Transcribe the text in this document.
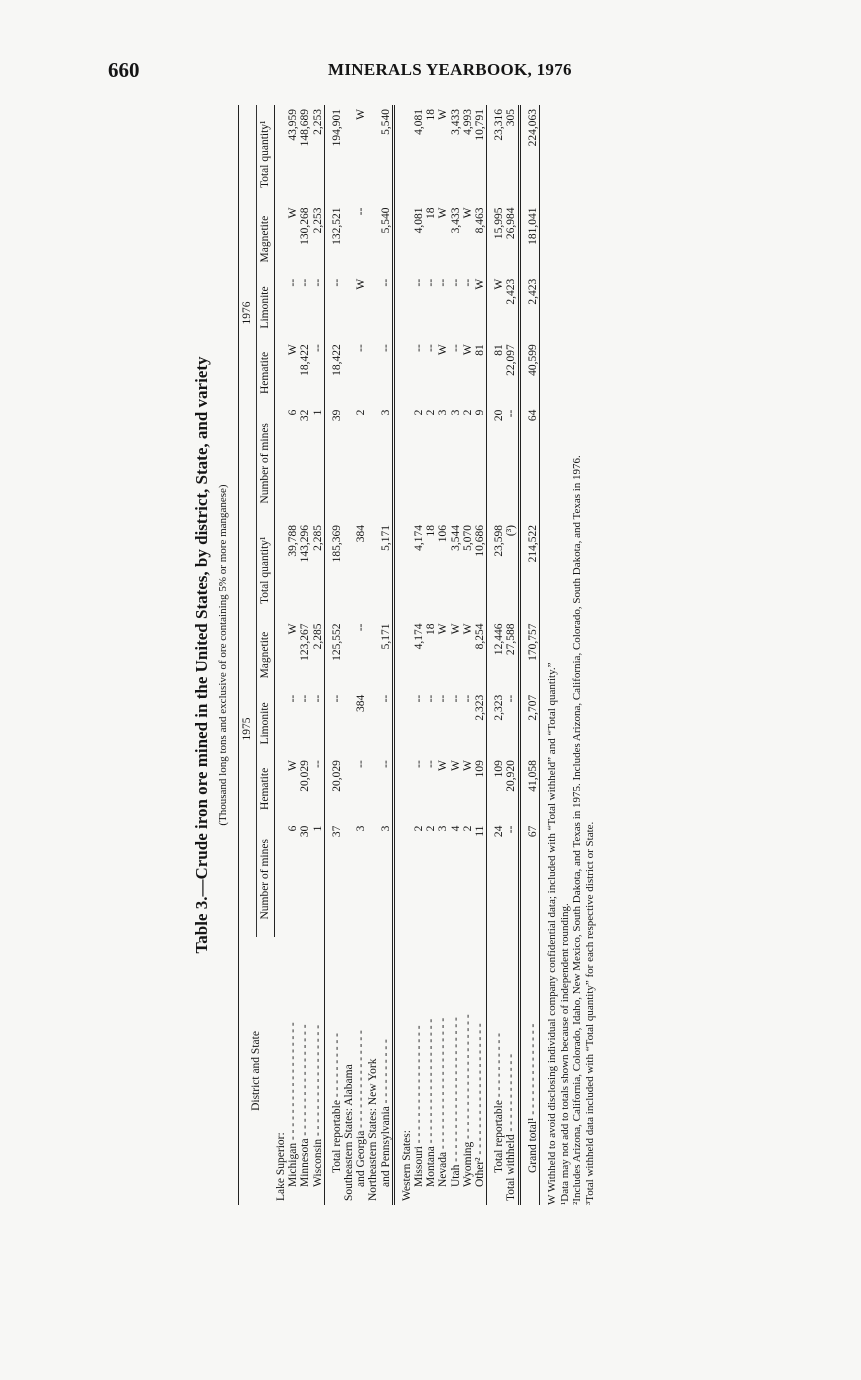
660	MINERALS YEARBOOK, 1976

Table 3.—Crude iron ore mined in the United States, by district, State, and variety (Thousand long tons and exclusive of ore containing 5% or more manganese)

District and State	1975					1976				
	Number of mines	Hematite	Limonite	Magnetite	Total quantity¹	Number of mines	Hematite	Limonite	Magnetite	Total quantity¹
Lake Superior:										
Michigan - - - - - - - - - - - - - - - - - -	6	W	--	W	39,788	6	W	--	W	43,959
Minnesota - - - - - - - - - - - - - - - - -	30	20,029	--	123,267	143,296	32	18,422	--	130,268	148,689
Wisconsin - - - - - - - - - - - - - - - - -	1	--	--	2,285	2,285	1	--	--	2,253	2,253

Total reportable - - - - - - - - - -	37	20,029	--	125,552	185,369	39	18,422	--	132,521	194,901
Southeastern States: Alabama										
and Georgia - - - - - - - - - - - - - - -	3	--	384	--	384	2	--	W	--	W
Northeastern States: New York										
and Pennsylvania - - - - - - - - - -	3	--	--	5,171	5,171	3	--	--	5,540	5,540

Western States:										
Missouri - - - - - - - - - - - - - - - - - -	2	--	--	4,174	4,174	2	--	--	4,081	4,081
Montana - - - - - - - - - - - - - - - - - - -	2	--	--	18	18	2	--	--	18	18
Nevada - - - - - - - - - - - - - - - - - - - -	3	W	--	W	106	3	W	--	W	W
Utah - - - - - - - - - - - - - - - - - - - - - -	4	W	--	W	3,544	3	--	--	3,433	3,433
Wyoming - - - - - - - - - - - - - - - - - - -	2	W	--	W	5,070	2	W	--	W	4,993
Other² - - - - - - - - - - - - - - - - - - - -	11	109	2,323	8,254	10,686	9	81	W	8,463	10,791

Total reportable - - - - - - - - - -	24	109	2,323	12,446	23,598	20	81	W	15,995	23,316
Total withheld - - - - - - - - - - - -	--	20,920	--	27,588	(³)	--	22,097	2,423	26,984	305

Grand total¹ - - - - - - - - - - - - - -	67	41,058	2,707	170,757	214,522	64	40,599	2,423	181,041	224,063

W Withheld to avoid disclosing individual company confidential data; included with “Total withheld” and “Total quantity.” ¹Data may not add to totals shown because of independent rounding. ²Includes Arizona, California, Colorado, Idaho, New Mexico, South Dakota, and Texas in 1975. Includes Arizona, California, Colorado, South Dakota, and Texas in 1976. ³Total withheld data included with “Total quantity” for each respective district or State.
